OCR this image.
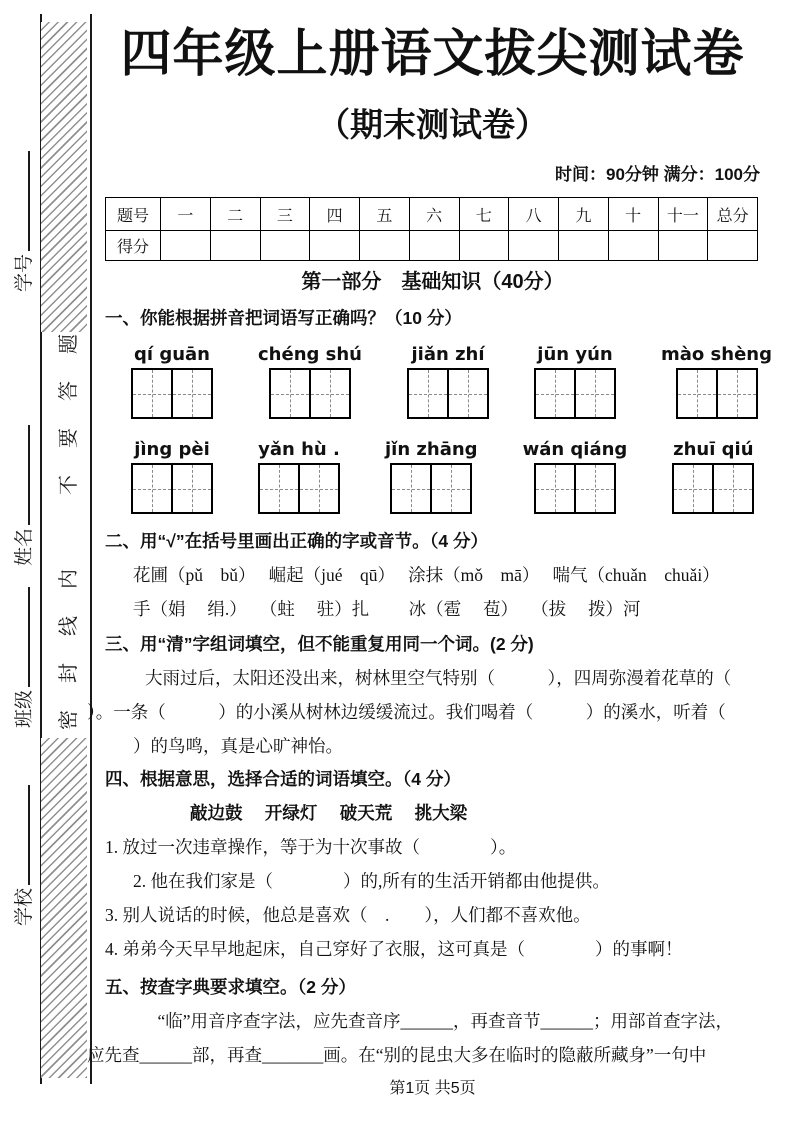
学号
姓名
班级
学校
密封线内　不要答题
四年级上册语文拔尖测试卷
（期末测试卷）
时间：90分钟 满分：100分
题号	一	二	三	四	五	六	七	八	九	十	十一	总分
得分												
第一部分　基础知识（40分）
一、你能根据拼音把词语写正确吗？（10 分）
qí guān	chéng shú	jiǎn zhí	jūn yún	mào shèng
jìng pèi	yǎn hù .	jǐn zhāng	wán qiáng	zhuī qiú
二、用“√”在括号里画出正确的字或音节。（4 分）
花圃（pǔ　bǔ）　 崛起（jué　qū）　 涂抹（mǒ　mā）　 喘气（chuǎn　chuǎi）
手（娟　 绢.）　 （蛀　 驻）扎　　 冰（雹　 苞）　 （拔　 拨）河
三、用“清”字组词填空，但不能重复用同一个词。(2 分)
大雨过后，太阳还没出来，树林里空气特别（　　　），四周弥漫着花草的（
）。一条（　　　）的小溪从树林边缓缓流过。我们喝着（　　　）的溪水，听着（
）的鸟鸣，真是心旷神怡。
四、根据意思，选择合适的词语填空。（4 分）
敲边鼓　 开绿灯　 破天荒　 挑大梁
1. 放过一次违章操作，等于为十次事故（　　　　）。
2. 他在我们家是（　　　　）的,所有的生活开销都由他提供。
3. 别人说话的时候，他总是喜欢（　.　　），人们都不喜欢他。
4. 弟弟今天早早地起床，自己穿好了衣服，这可真是（　　　　）的事啊！
五、按查字典要求填空。（2 分）
“临”用音序查字法，应先查音序______，再查音节______；用部首查字法，
应先查______部，再查_______画。在“别的昆虫大多在临时的隐蔽所藏身”一句中
第1页 共5页
